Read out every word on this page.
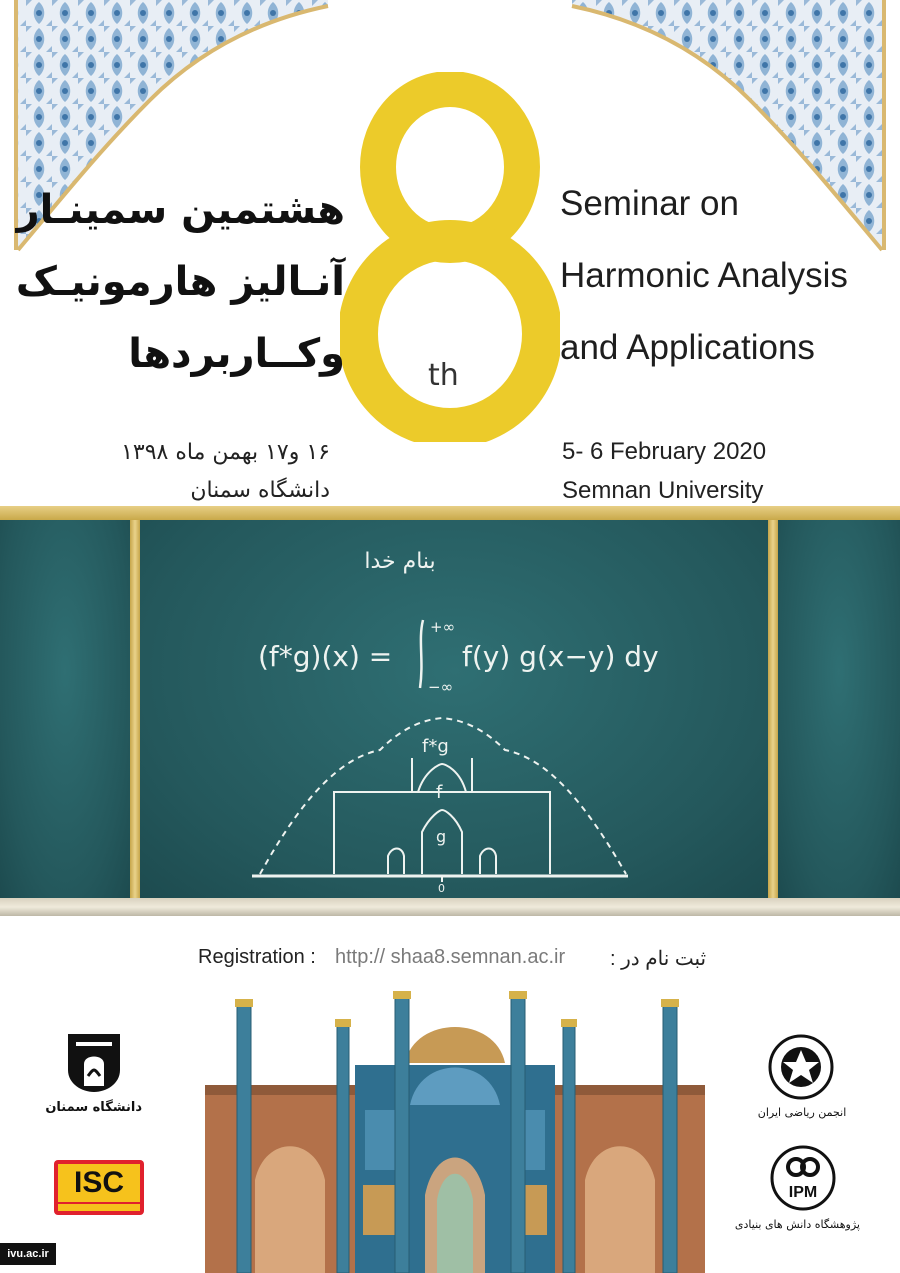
th
هشتمین سمینـار
آنـالیز هارمونیـک
وکــاربردها
Seminar on
Harmonic Analysis
and Applications
۱۶ و۱۷ بهمن ماه ۱۳۹۸
دانشگاه سمنان
5- 6 February 2020
Semnan University
بنام خدا
(f*g)(x) =
+∞
−∞
f(y) g(x−y) dy
f*g
f
g
0
Registration : http:// shaa8.semnan.ac.ir ثبت نام در :
دانشگاه سمنان
ISC
انجمن ریاضی ایران
IPM
پژوهشگاه دانش های بنیادی
ivu.ac.ir
